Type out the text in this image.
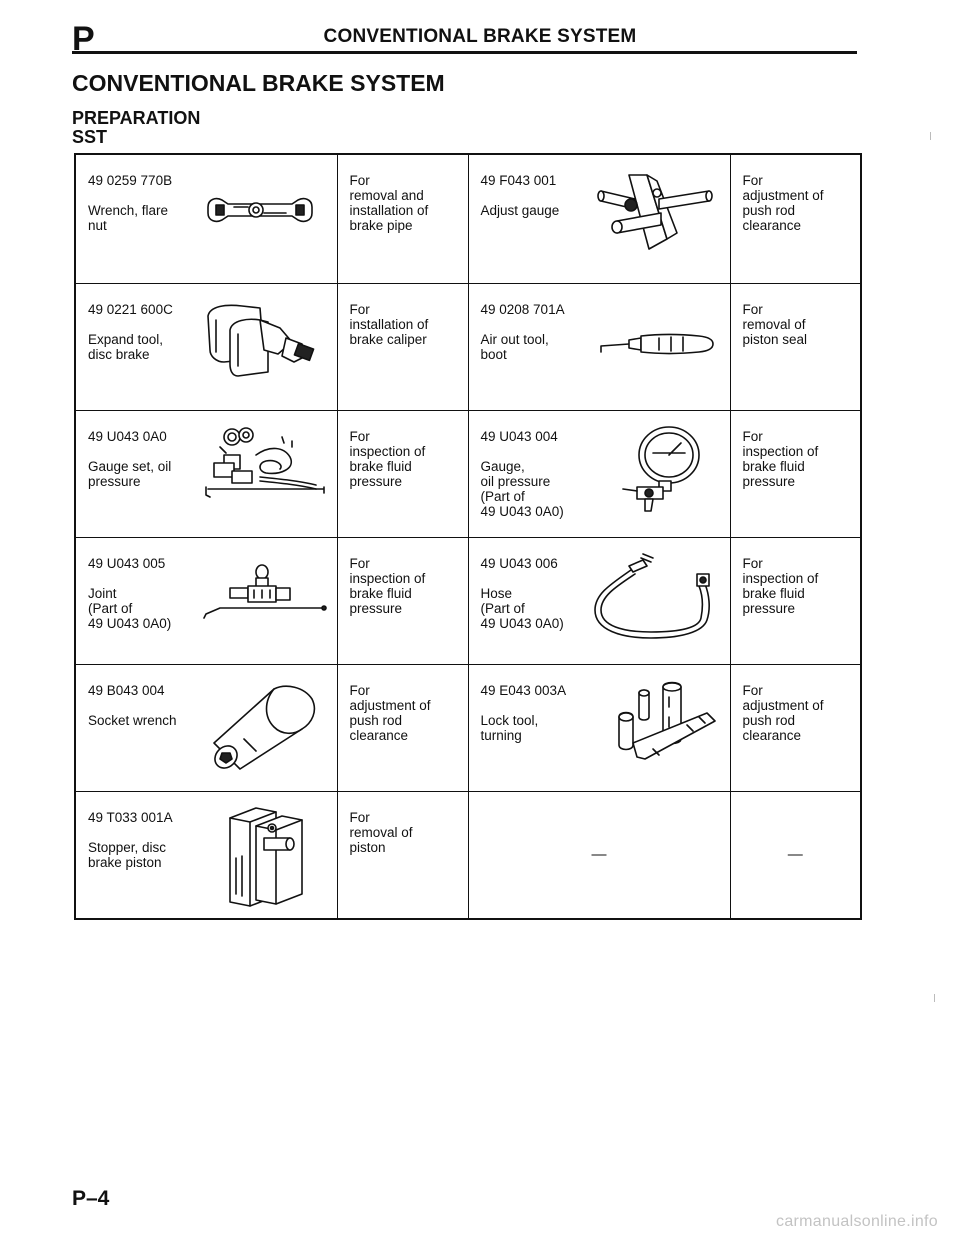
P	CONVENTIONAL BRAKE SYSTEM
CONVENTIONAL BRAKE SYSTEM
PREPARATION
SST
49 0259 770B
Wrench, flare
nut	For
removal and
installation of
brake pipe	49 F043 001
Adjust gauge	For
adjustment of
push rod
clearance

49 0221 600C
Expand tool,
disc brake	For
installation of
brake caliper	49 0208 701A
Air out tool,
boot	For
removal of
piston seal

49 U043 0A0
Gauge set, oil
pressure	For
inspection of
brake fluid
pressure	49 U043 004
Gauge,
oil pressure
(Part of
49 U043 0A0)	For
inspection of
brake fluid
pressure

49 U043 005
Joint
(Part of
49 U043 0A0)	For
inspection of
brake fluid
pressure	49 U043 006
Hose
(Part of
49 U043 0A0)	For
inspection of
brake fluid
pressure

49 B043 004
Socket wrench	For
adjustment of
push rod
clearance	49 E043 003A
Lock tool,
turning	For
adjustment of
push rod
clearance

49 T033 001A
Stopper, disc
brake piston	For
removal of
piston	—	—
P–4
carmanualsonline.info
